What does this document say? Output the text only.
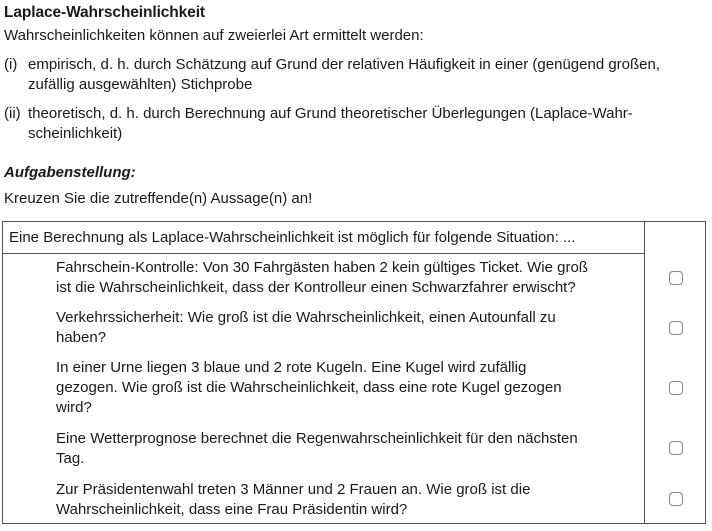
Laplace-Wahrscheinlichkeit
Wahrscheinlichkeiten können auf zweierlei Art ermittelt werden:
(i) empirisch, d. h. durch Schätzung auf Grund der relativen Häufigkeit in einer (genügend großen,
zufällig ausgewählten) Stichprobe
(ii) theoretisch, d. h. durch Berechnung auf Grund theoretischer Überlegungen (Laplace-Wahr-
scheinlichkeit)
Aufgabenstellung:
Kreuzen Sie die zutreffende(n) Aussage(n) an!
Eine Berechnung als Laplace-Wahrscheinlichkeit ist möglich für folgende Situation: ...
Fahrschein-Kontrolle: Von 30 Fahrgästen haben 2 kein gültiges Ticket. Wie groß
ist die Wahrscheinlichkeit, dass der Kontrolleur einen Schwarzfahrer erwischt?
Verkehrssicherheit: Wie groß ist die Wahrscheinlichkeit, einen Autounfall zu
haben?
In einer Urne liegen 3 blaue und 2 rote Kugeln. Eine Kugel wird zufällig
gezogen. Wie groß ist die Wahrscheinlichkeit, dass eine rote Kugel gezogen
wird?
Eine Wetterprognose berechnet die Regenwahrscheinlichkeit für den nächsten
Tag.
Zur Präsidentenwahl treten 3 Männer und 2 Frauen an. Wie groß ist die
Wahrscheinlichkeit, dass eine Frau Präsidentin wird?
